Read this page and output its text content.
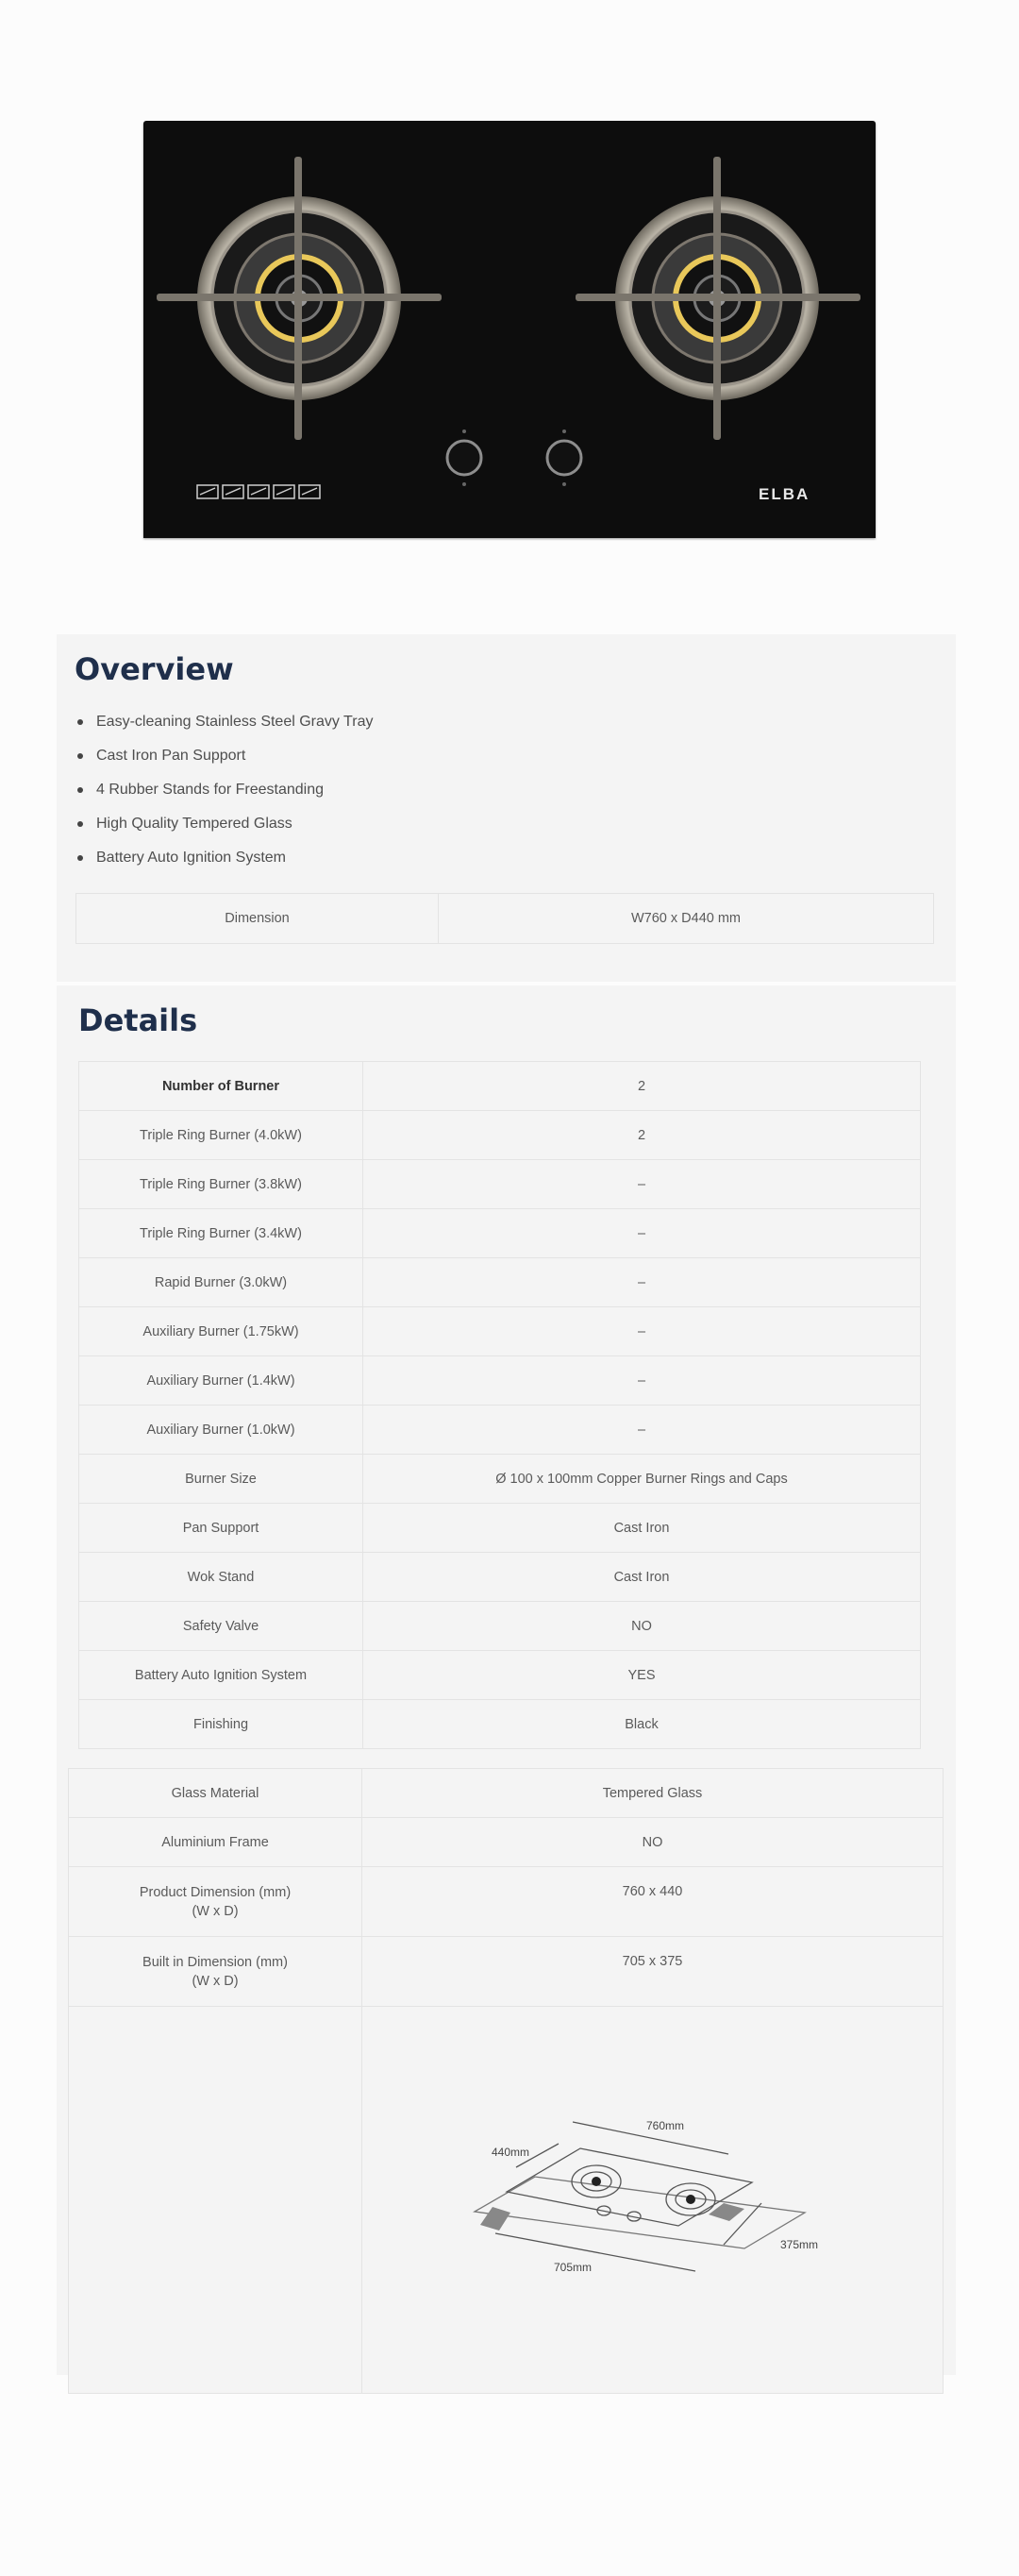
ELBA
Overview
Easy-cleaning Stainless Steel Gravy Tray
Cast Iron Pan Support
4 Rubber Stands for Freestanding
High Quality Tempered Glass
Battery Auto Ignition System
Dimension	W760 x D440 mm
Details
Number of Burner	2
Triple Ring Burner (4.0kW)	2
Triple Ring Burner (3.8kW)	–
Triple Ring Burner (3.4kW)	–
Rapid Burner (3.0kW)	–
Auxiliary Burner (1.75kW)	–
Auxiliary Burner (1.4kW)	–
Auxiliary Burner (1.0kW)	–
Burner Size	Ø 100 x 100mm Copper Burner Rings and Caps
Pan Support	Cast Iron
Wok Stand	Cast Iron
Safety Valve	NO
Battery Auto Ignition System	YES
Finishing	Black
Glass Material	Tempered Glass
Aluminium Frame	NO

Product Dimension (mm)
(W x D)	760 x 440

Built in Dimension (mm)
(W x D)	705 x 375

760mm
440mm
705mm
375mm
